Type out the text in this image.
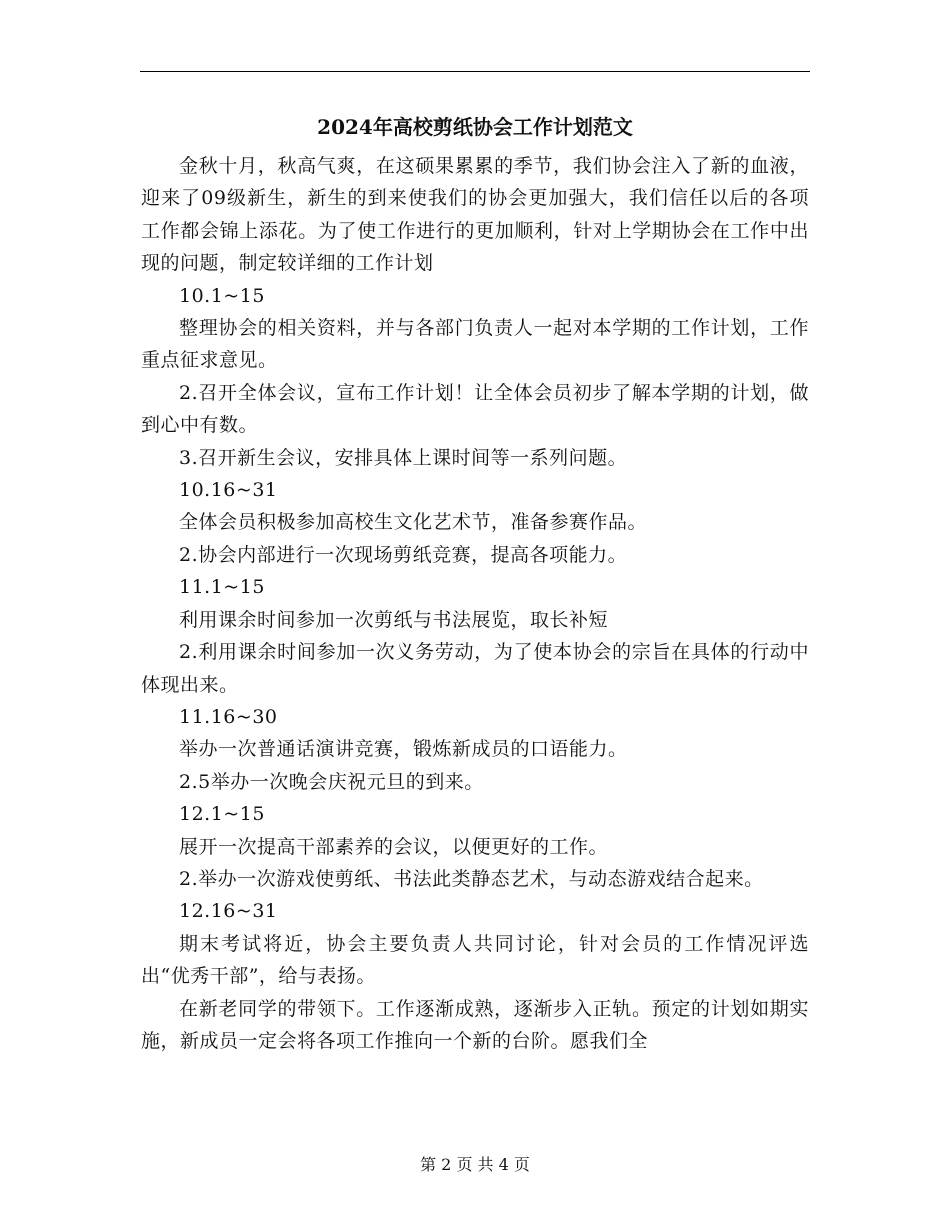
2024年高校剪纸协会工作计划范文

金秋十月，秋高气爽，在这硕果累累的季节，我们协会注入了新的血液，迎来了09级新生，新生的到来使我们的协会更加强大，我们信任以后的各项工作都会锦上添花。为了使工作进行的更加顺利，针对上学期协会在工作中出现的问题，制定较详细的工作计划

10.1~15

整理协会的相关资料，并与各部门负责人一起对本学期的工作计划，工作重点征求意见。

2.召开全体会议，宣布工作计划！让全体会员初步了解本学期的计划，做到心中有数。

3.召开新生会议，安排具体上课时间等一系列问题。

10.16~31

全体会员积极参加高校生文化艺术节，准备参赛作品。

2.协会内部进行一次现场剪纸竞赛，提高各项能力。

11.1~15

利用课余时间参加一次剪纸与书法展览，取长补短

2.利用课余时间参加一次义务劳动，为了使本协会的宗旨在具体的行动中体现出来。

11.16~30

举办一次普通话演讲竞赛，锻炼新成员的口语能力。

2.5举办一次晚会庆祝元旦的到来。

12.1~15

展开一次提高干部素养的会议，以便更好的工作。

2.举办一次游戏使剪纸、书法此类静态艺术，与动态游戏结合起来。

12.16~31

期末考试将近，协会主要负责人共同讨论，针对会员的工作情况评选出“优秀干部”，给与表扬。

在新老同学的带领下。工作逐渐成熟，逐渐步入正轨。预定的计划如期实施，新成员一定会将各项工作推向一个新的台阶。愿我们全

第 2 页 共 4 页
